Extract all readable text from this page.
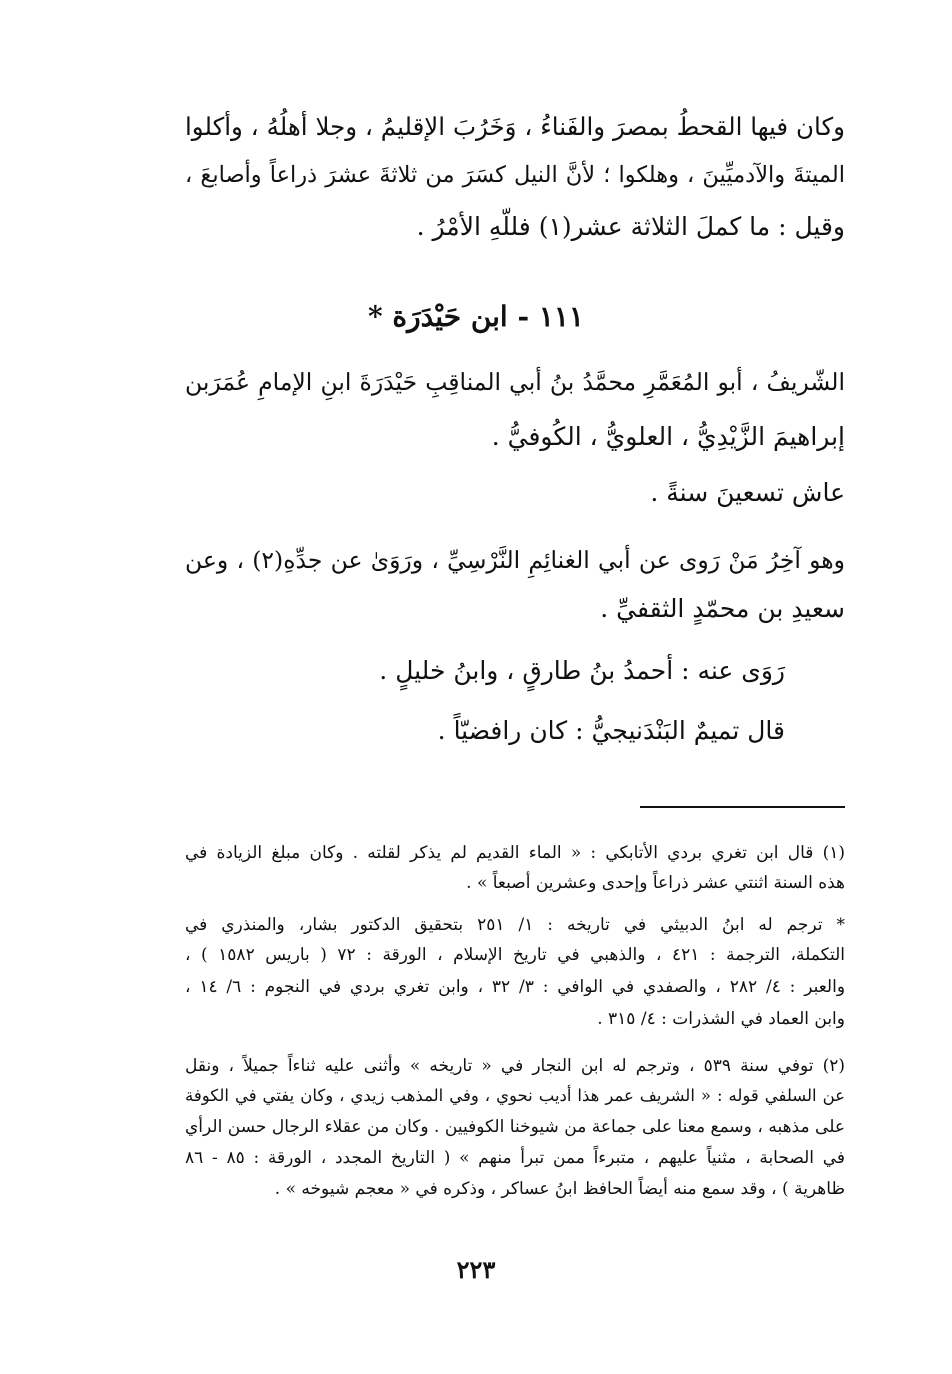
وكان فيها القحطُ بمصرَ والفَناءُ ، وَخَرُبَ الإقليمُ ، وجلا أهلُهُ ، وأكلوا
الميتةَ والآدميِّينَ ، وهلكوا ؛ لأنَّ النيل كسَرَ من ثلاثةَ عشرَ ذراعاً وأصابعَ ،
وقيل : ما كملَ الثلاثة عشر(١) فللّهِ الأمْرُ .
١١١ - ابن حَيْدَرَة *
الشّريفُ ، أبو المُعَمَّرِ محمَّدُ بنُ أبي المناقِبِ حَيْدَرَةَ ابنِ الإمامِ عُمَرَبن
إبراهيمَ الزَّيْدِيُّ ، العلويُّ ، الكُوفيُّ .
عاش تسعينَ سنةً .
وهو آخِرُ مَنْ رَوى عن أبي الغنائِمِ النَّرْسِيِّ ، ورَوَىٰ عن جدِّهِ(٢) ، وعن
سعيدِ بن محمّدٍ الثقفيِّ .
رَوَى عنه : أحمدُ بنُ طارقٍ ، وابنُ خليلٍ .
قال تميمٌ البَنْدَنيجيُّ : كان رافضيّاً .
(١) قال ابن تغري بردي الأتابكي : « الماء القديم لم يذكر لقلته . وكان مبلغ الزيادة في
هذه السنة اثنتي عشر ذراعاً وإحدى وعشرين أصبعاً » .
* ترجم له ابنُ الدبيثي في تاريخه : ١/ ٢٥١ بتحقيق الدكتور بشار، والمنذري في
التكملة، الترجمة : ٤٢١ ، والذهبي في تاريخ الإسلام ، الورقة : ٧٢ ( باريس ١٥٨٢ ) ،
والعبر : ٤/ ٢٨٢ ، والصفدي في الوافي : ٣/ ٣٢ ، وابن تغري بردي في النجوم : ٦/ ١٤ ،
وابن العماد في الشذرات : ٤/ ٣١٥ .
(٢) توفي سنة ٥٣٩ ، وترجم له ابن النجار في « تاريخه » وأثنى عليه ثناءاً جميلاً ، ونقل
عن السلفي قوله : « الشريف عمر هذا أديب نحوي ، وفي المذهب زيدي ، وكان يفتي في الكوفة
على مذهبه ، وسمع معنا على جماعة من شيوخنا الكوفيين . وكان من عقلاء الرجال حسن الرأي
في الصحابة ، مثنياً عليهم ، متبرءاً ممن تبرأ منهم » ( التاريخ المجدد ، الورقة : ٨٥ - ٨٦
ظاهرية ) ، وقد سمع منه أيضاً الحافظ ابنُ عساكر ، وذكره في « معجم شيوخه » .
٢٢٣
